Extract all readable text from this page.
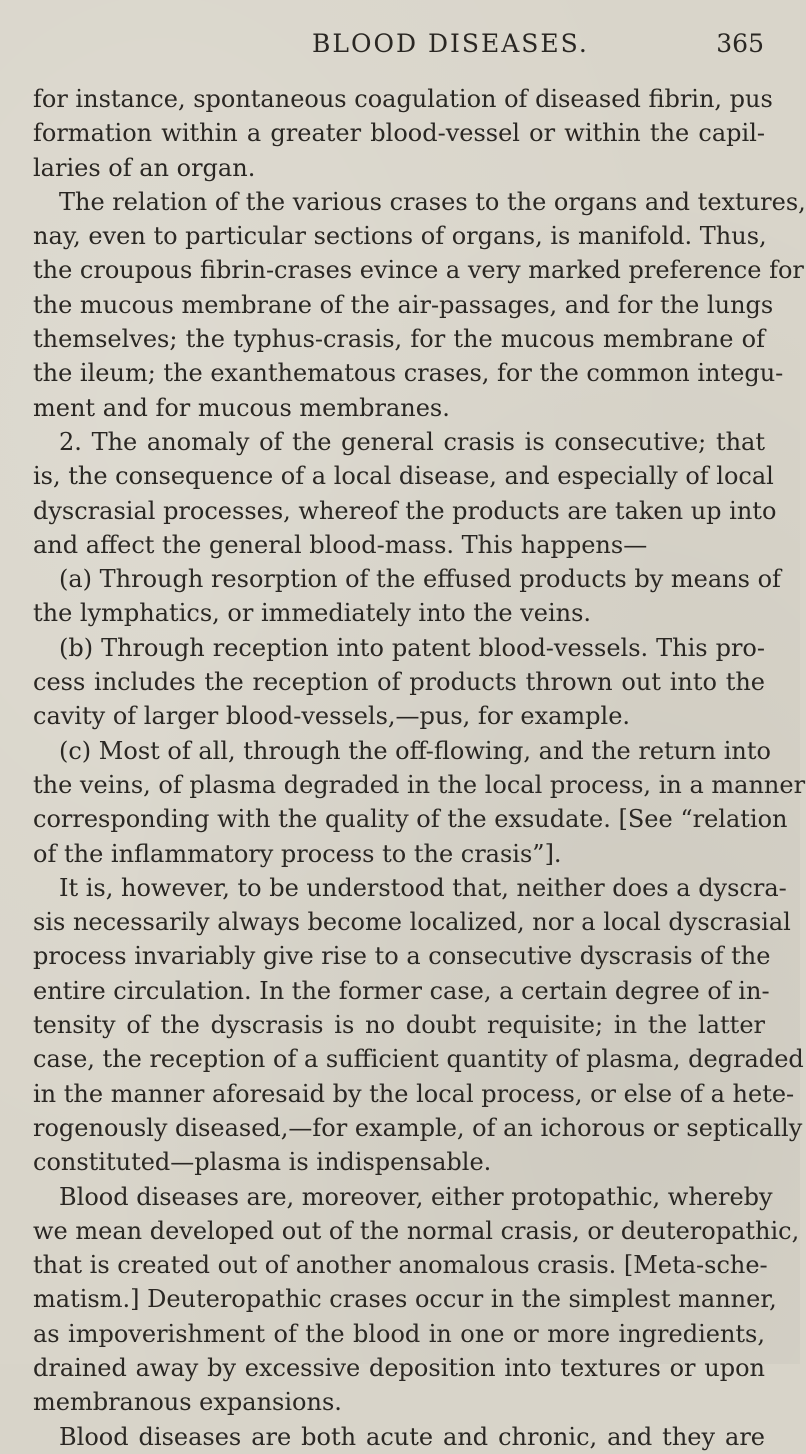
BLOOD DISEASES.	365
for instance, spontaneous coagulation of diseased fibrin, pus
formation within a greater blood-vessel or within the capil-
laries of an organ.
The relation of the various crases to the organs and textures,
nay, even to particular sections of organs, is manifold. Thus,
the croupous fibrin-crases evince a very marked preference for
the mucous membrane of the air-passages, and for the lungs
themselves; the typhus-crasis, for the mucous membrane of
the ileum; the exanthematous crases, for the common integu-
ment and for mucous membranes.
2. The anomaly of the general crasis is consecutive; that
is, the consequence of a local disease, and especially of local
dyscrasial processes, whereof the products are taken up into
and affect the general blood-mass. This happens—
(a) Through resorption of the effused products by means of
the lymphatics, or immediately into the veins.
(b) Through reception into patent blood-vessels. This pro-
cess includes the reception of products thrown out into the
cavity of larger blood-vessels,—pus, for example.
(c) Most of all, through the off-flowing, and the return into
the veins, of plasma degraded in the local process, in a manner
corresponding with the quality of the exsudate. [See “relation
of the inflammatory process to the crasis”].
It is, however, to be understood that, neither does a dyscra-
sis necessarily always become localized, nor a local dyscrasial
process invariably give rise to a consecutive dyscrasis of the
entire circulation. In the former case, a certain degree of in-
tensity of the dyscrasis is no doubt requisite; in the latter
case, the reception of a sufficient quantity of plasma, degraded
in the manner aforesaid by the local process, or else of a hete-
rogenously diseased,—for example, of an ichorous or septically
constituted—plasma is indispensable.
Blood diseases are, moreover, either protopathic, whereby
we mean developed out of the normal crasis, or deuteropathic,
that is created out of another anomalous crasis. [Meta-sche-
matism.] Deuteropathic crases occur in the simplest manner,
as impoverishment of the blood in one or more ingredients,
drained away by excessive deposition into textures or upon
membranous expansions.
Blood diseases are both acute and chronic, and they are
